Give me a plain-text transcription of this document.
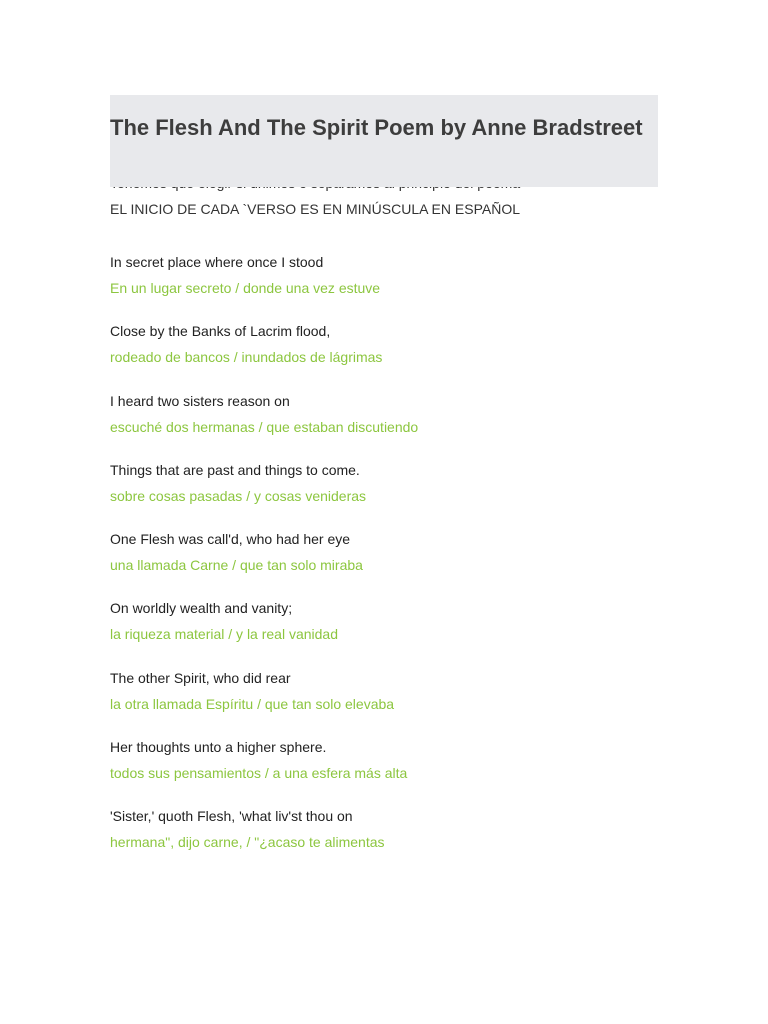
The Flesh And The Spirit Poem by Anne Bradstreet
EL INICIO DE CADA `VERSO ES EN MINÚSCULA EN ESPAÑOL
In secret place where once I stood
En un lugar secreto / donde una vez estuve
Close by the Banks of Lacrim flood,
rodeado de bancos / inundados de lágrimas
I heard two sisters reason on
escuché dos hermanas / que estaban discutiendo
Things that are past and things to come.
sobre cosas pasadas / y cosas venideras
One Flesh was call'd, who had her eye
una llamada Carne / que tan solo miraba
On worldly wealth and vanity;
la riqueza material / y la real vanidad
The other Spirit, who did rear
la otra llamada Espíritu / que tan solo elevaba
Her thoughts unto a higher sphere.
todos sus pensamientos / a una esfera más alta
'Sister,' quoth Flesh, 'what liv'st thou on
hermana", dijo carne, / "¿acaso te alimentas
